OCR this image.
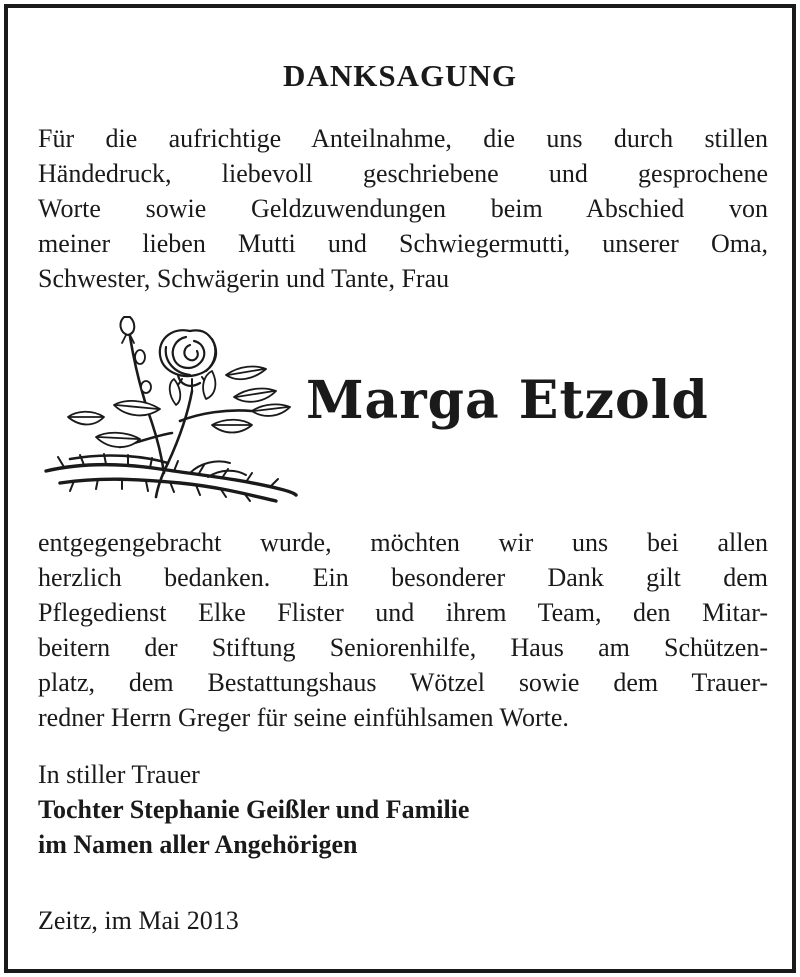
DANKSAGUNG
Für die aufrichtige Anteilnahme, die uns durch stillen
Händedruck, liebevoll geschriebene und gesprochene
Worte sowie Geldzuwendungen beim Abschied von
meiner lieben Mutti und Schwiegermutti, unserer Oma,
Schwester, Schwägerin und Tante, Frau
Marga Etzold
entgegengebracht wurde, möchten wir uns bei allen
herzlich bedanken. Ein besonderer Dank gilt dem
Pflegedienst Elke Flister und ihrem Team, den Mitar-
beitern der Stiftung Seniorenhilfe, Haus am Schützen-
platz, dem Bestattungshaus Wötzel sowie dem Trauer-
redner Herrn Greger für seine einfühlsamen Worte.
In stiller Trauer
Tochter Stephanie Geißler und Familie
im Namen aller Angehörigen
Zeitz, im Mai 2013
